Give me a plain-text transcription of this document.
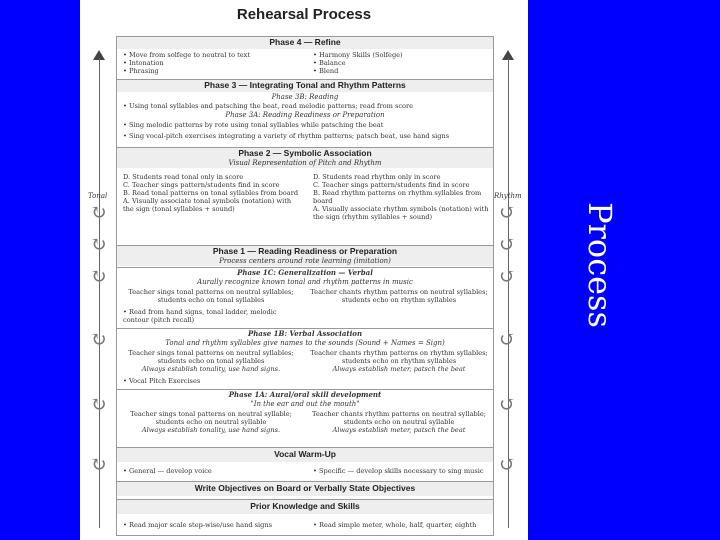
Rehearsal Process
Tonal
↻
↻
↻
↻
↻
↻
Rhythm
↺
↺
↺
↺
↺
↺
Phase 4 — Refine
• Move from solfege to neutral to text
• Intonation
• Phrasing
• Harmony Skills (Solfege)
• Balance
• Blend
Phase 3 — Integrating Tonal and Rhythm Patterns
Phase 3B: Reading
• Using tonal syllables and patsching the beat, read melodic patterns; read from score
Phase 3A: Reading Readiness or Preparation
• Sing melodic patterns by rote using tonal syllables while patsching the beat
• Sing vocal-pitch exercises integrating a variety of rhythm patterns; patsch beat, use hand signs
Phase 2 — Symbolic Association
Visual Representation of Pitch and Rhythm
D. Students read tonal only in score
C. Teacher sings pattern/students find in score
B. Read tonal patterns on tonal syllables from board
A. Visually associate tonal symbols (notation) with
the sign (tonal syllables + sound)
D. Students read rhythm only in score
C. Teacher sings pattern/students find in score
B. Read rhythm patterns on rhythm syllables from
board
A. Visually associate rhythm symbols (notation) with
the sign (rhythm syllables + sound)
Phase 1 — Reading Readiness or Preparation
Process centers around rote learning (imitation)
Phase 1C: Generalization — Verbal
Aurally recognize known tonal and rhythm patterns in music
Teacher sings tonal patterns on neutral syllables;
students echo on tonal syllables
Teacher chants rhythm patterns on neutral syllables;
students echo on rhythm syllables
• Read from hand signs, tonal ladder, melodic
contour (pitch recall)
Phase 1B: Verbal Association
Tonal and rhythm syllables give names to the sounds (Sound + Names = Sign)
Teacher sings tonal patterns on neutral syllables;
students echo on tonal syllables
Always establish tonality, use hand signs.
Teacher chants rhythm patterns on rhythm syllables;
students echo on rhythm syllables
Always establish meter, patsch the beat
• Vocal Pitch Exercises
Phase 1A: Aural/oral skill development
"In the ear and out the mouth"
Teacher sings tonal patterns on neutral syllable;
students echo on neutral syllable
Always establish tonality, use hand signs.
Teacher chants rhythm patterns on neutral syllable;
students echo on neutral syllable
Always establish meter, patsch the beat
Vocal Warm-Up
• General — develop voice	• Specific — develop skills necessary to sing music
Write Objectives on Board or Verbally State Objectives
Prior Knowledge and Skills
• Read major scale step-wise/use hand signs	• Read simple meter, whole, half, quarter, eighth
Process
